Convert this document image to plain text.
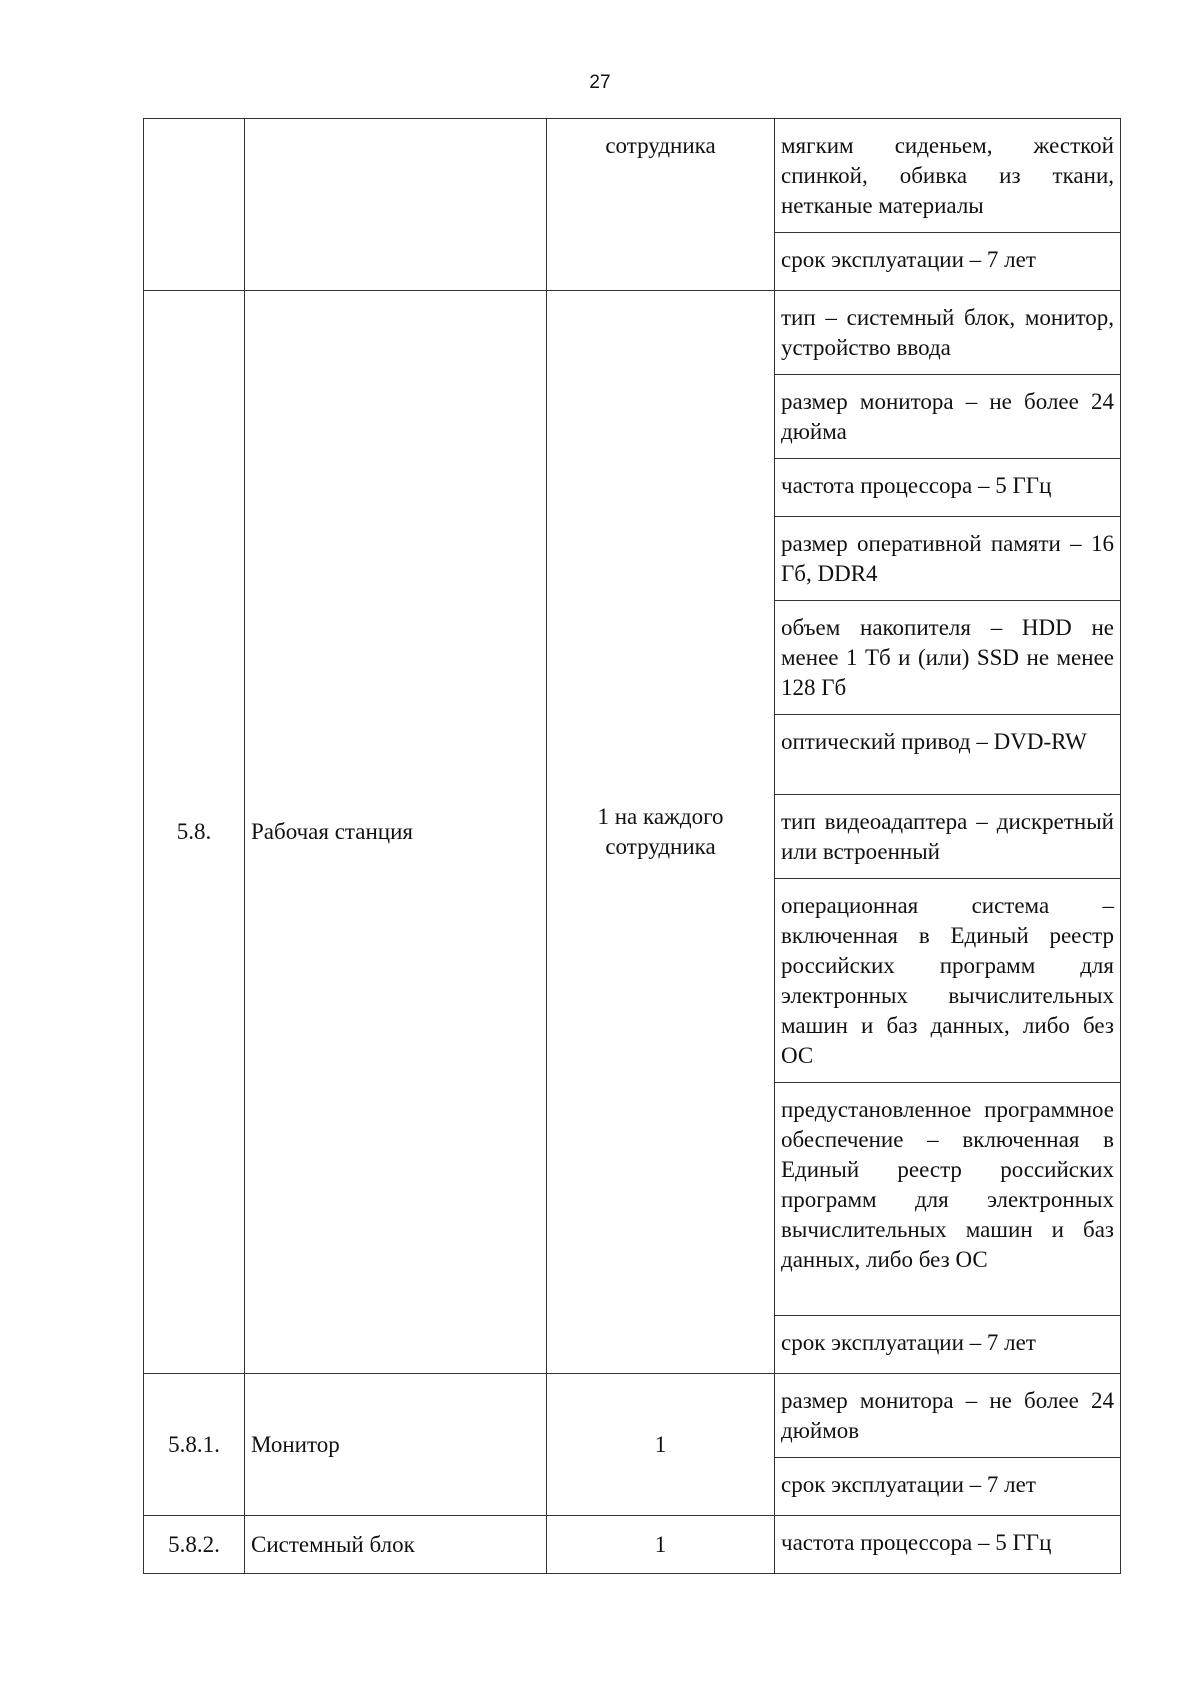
27
		сотрудника	мягким сиденьем, жесткой спинкой, обивка из ткани, нетканые материалы
			срок эксплуатации – 7 лет
5.8.	Рабочая станция	1 на каждого сотрудника	тип – системный блок, монитор, устройство ввода
			размер монитора – не более 24 дюйма
			частота процессора – 5 ГГц
			размер оперативной памяти – 16 Гб, DDR4
			объем накопителя – HDD не менее 1 Тб и (или) SSD не менее 128 Гб
			оптический привод – DVD-RW
			тип видеоадаптера – дискретный или встроенный
			операционная система – включенная в Единый реестр российских программ для электронных вычислительных машин и баз данных, либо без ОС
			предустановленное программное обеспечение – включенная в Единый реестр российских программ для электронных вычислительных машин и баз данных, либо без ОС
			срок эксплуатации – 7 лет
5.8.1.	Монитор	1	размер монитора – не более 24 дюймов
			срок эксплуатации – 7 лет
5.8.2.	Системный блок	1	частота процессора – 5 ГГц
